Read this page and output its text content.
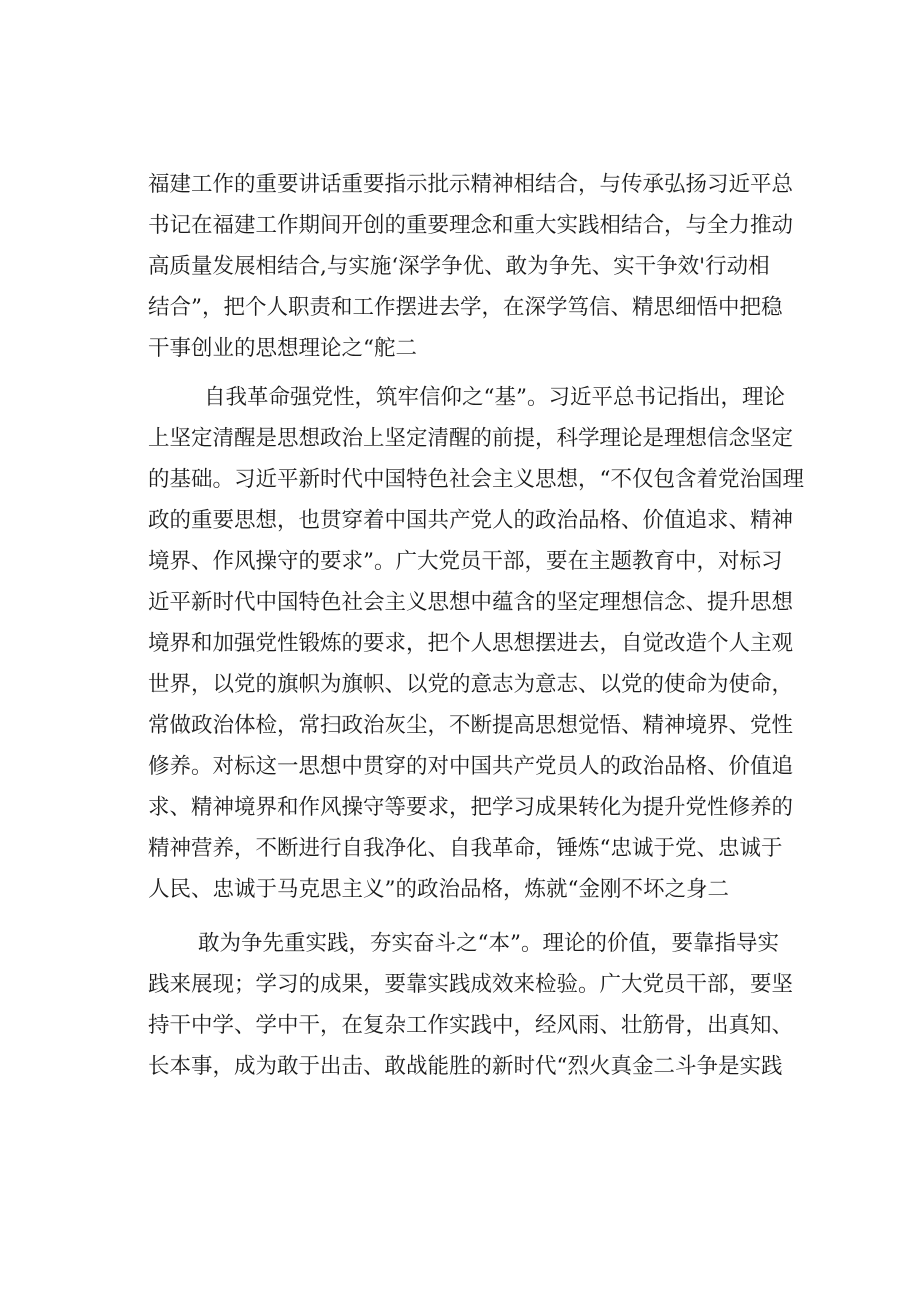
福建工作的重要讲话重要指示批示精神相结合，与传承弘扬习近平总
书记在福建工作期间开创的重要理念和重大实践相结合，与全力推动
高质量发展相结合,与实施‘深学争优、敢为争先、实干争效'行动相
结合”，把个人职责和工作摆进去学，在深学笃信、精思细悟中把稳
干事创业的思想理论之“舵二
自我革命强党性，筑牢信仰之“基”。习近平总书记指出，理论
上坚定清醒是思想政治上坚定清醒的前提，科学理论是理想信念坚定
的基础。习近平新时代中国特色社会主义思想，“不仅包含着党治国理
政的重要思想，也贯穿着中国共产党人的政治品格、价值追求、精神
境界、作风操守的要求”。广大党员干部，要在主题教育中，对标习
近平新时代中国特色社会主义思想中蕴含的坚定理想信念、提升思想
境界和加强党性锻炼的要求，把个人思想摆进去，自觉改造个人主观
世界，以党的旗帜为旗帜、以党的意志为意志、以党的使命为使命，
常做政治体检，常扫政治灰尘，不断提高思想觉悟、精神境界、党性
修养。对标这一思想中贯穿的对中国共产党员人的政治品格、价值追
求、精神境界和作风操守等要求，把学习成果转化为提升党性修养的
精神营养，不断进行自我净化、自我革命，锤炼“忠诚于党、忠诚于
人民、忠诚于马克思主义”的政治品格，炼就“金刚不坏之身二
敢为争先重实践，夯实奋斗之“本”。理论的价值，要靠指导实
践来展现；学习的成果，要靠实践成效来检验。广大党员干部，要坚
持干中学、学中干，在复杂工作实践中，经风雨、壮筋骨，出真知、
长本事，成为敢于出击、敢战能胜的新时代“烈火真金二斗争是实践
